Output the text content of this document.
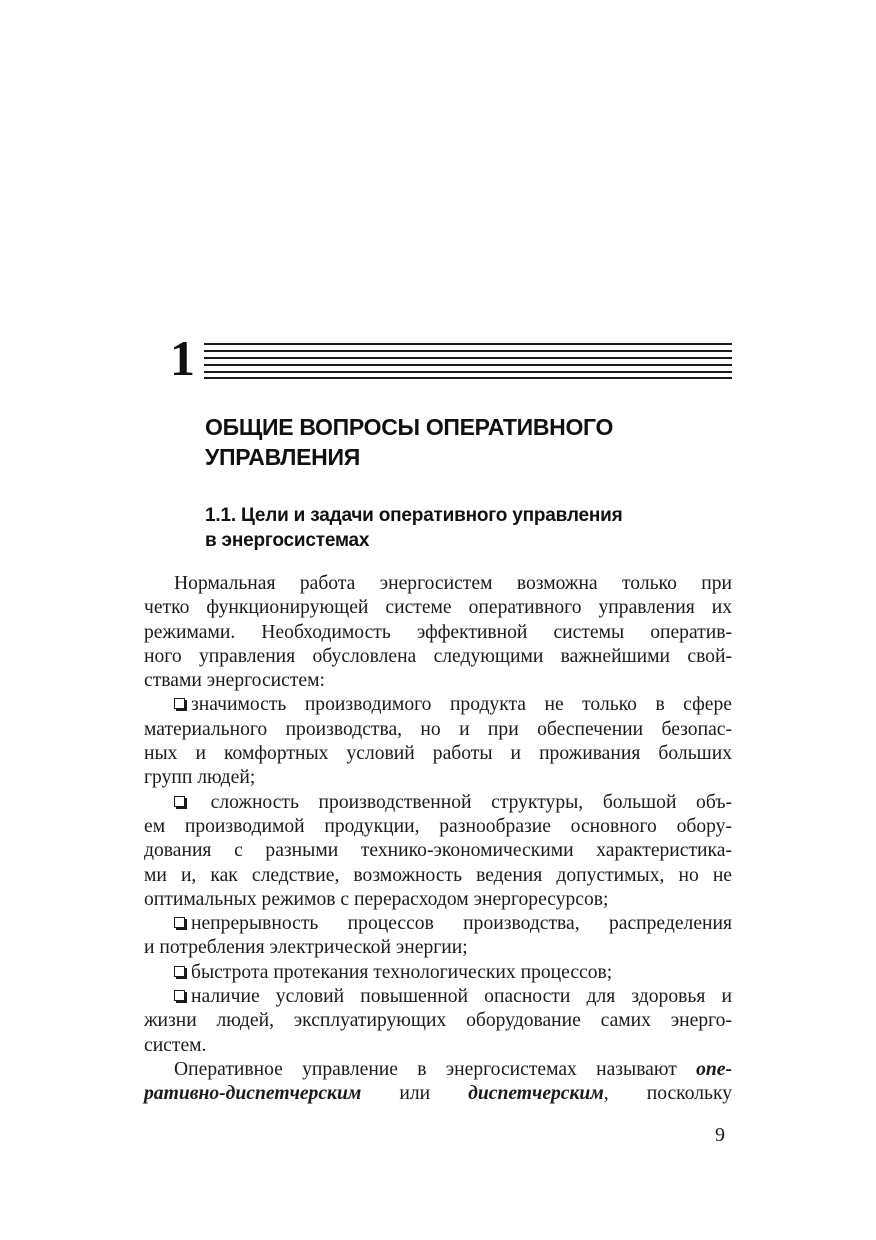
1
ОБЩИЕ ВОПРОСЫ ОПЕРАТИВНОГО
УПРАВЛЕНИЯ
1.1. Цели и задачи оперативного управления
в энергосистемах
Нормальная работа энергосистем возможна только при
четко функционирующей системе оперативного управления их
режимами. Необходимость эффективной системы оператив-
ного управления обусловлена следующими важнейшими свой-
ствами энергосистем:
значимость производимого продукта не только в сфере
материального производства, но и при обеспечении безопас-
ных и комфортных условий работы и проживания больших
групп людей;
сложность производственной структуры, большой объ-
ем производимой продукции, разнообразие основного обору-
дования с разными технико-экономическими характеристика-
ми и, как следствие, возможность ведения допустимых, но не
оптимальных режимов с перерасходом энергоресурсов;
непрерывность процессов производства, распределения
и потребления электрической энергии;
быстрота протекания технологических процессов;
наличие условий повышенной опасности для здоровья и
жизни людей, эксплуатирующих оборудование самих энерго-
систем.
Оперативное управление в энергосистемах называют опе-
ративно-диспетчерским или диспетчерским, поскольку
9
